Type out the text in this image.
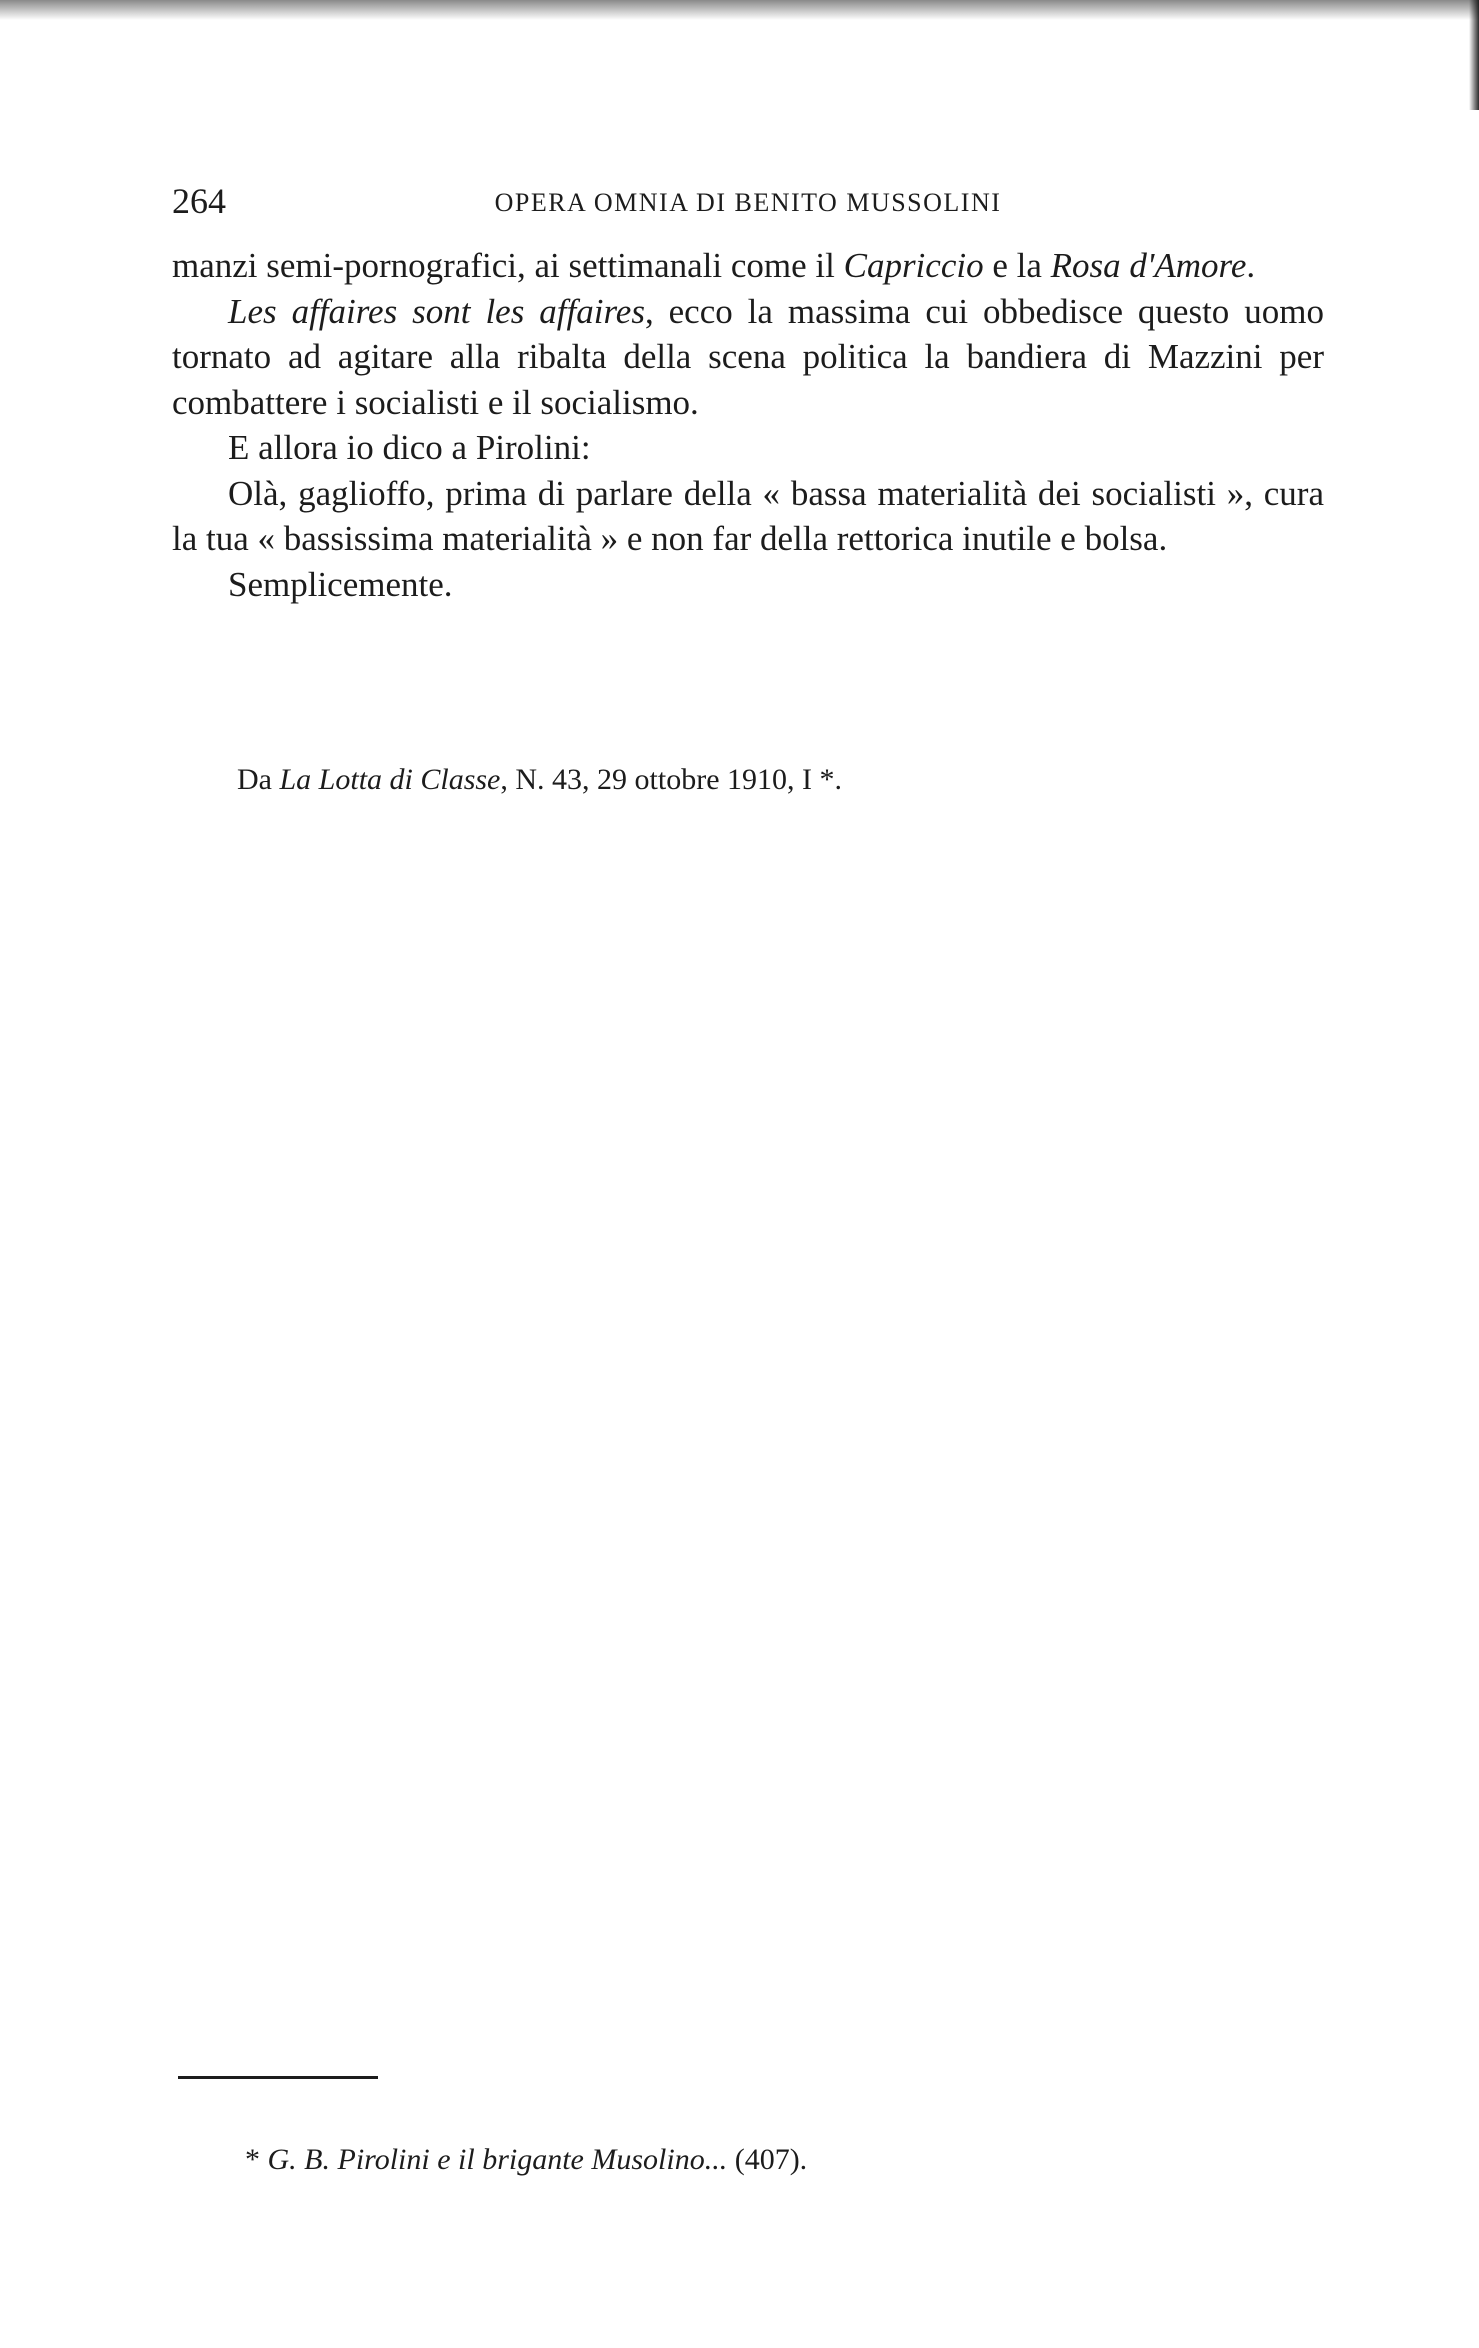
264	OPERA OMNIA DI BENITO MUSSOLINI

manzi semi-pornografici, ai settimanali come il Capriccio e la Rosa d'Amore.

Les affaires sont les affaires, ecco la massima cui obbedisce questo uomo tornato ad agitare alla ribalta della scena politica la bandiera di Mazzini per combattere i socialisti e il socialismo.

E allora io dico a Pirolini:

Olà, gaglioffo, prima di parlare della « bassa materialità dei socialisti », cura la tua « bassissima materialità » e non far della rettorica inutile e bolsa.

Semplicemente.

Da La Lotta di Classe, N. 43, 29 ottobre 1910, I *.
* G. B. Pirolini e il brigante Musolino... (407).
